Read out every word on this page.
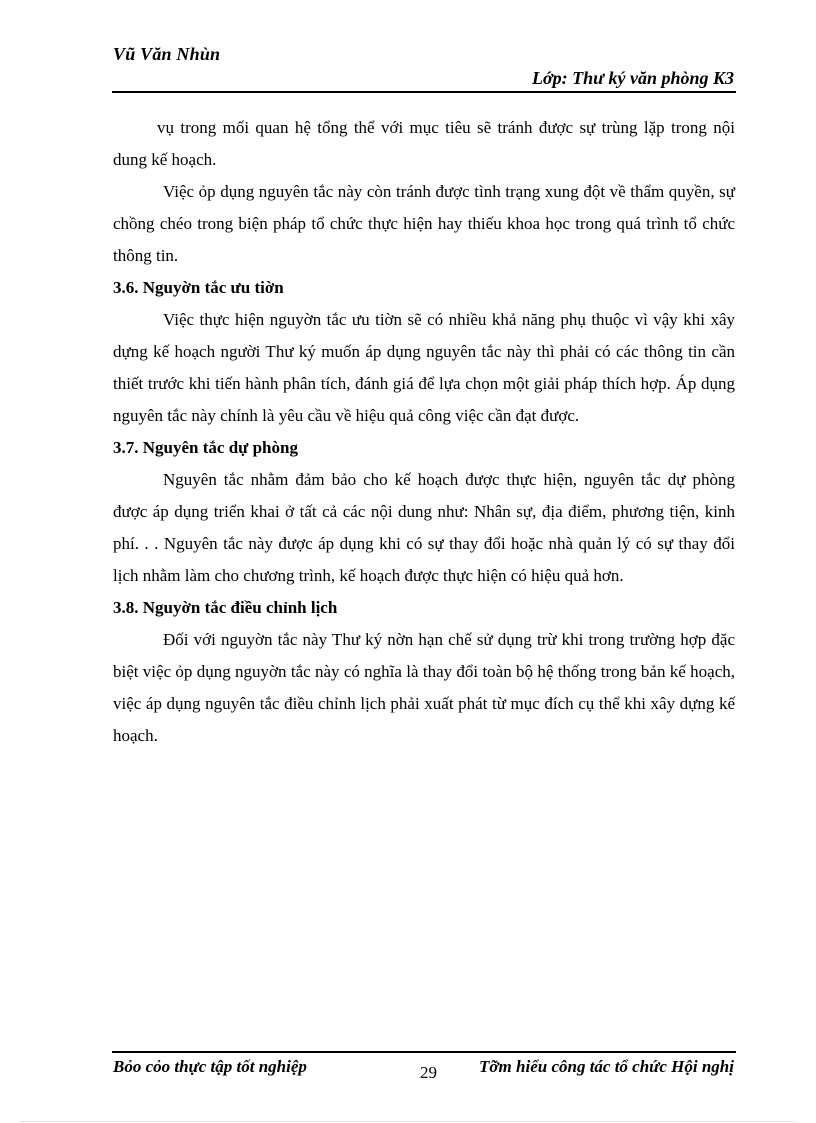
Vũ Văn Nhùn
Lớp: Thư ký văn phòng K3

vụ trong mối quan hệ tổng thể với mục tiêu sẽ tránh được sự trùng lặp trong nội dung kế hoạch.

Việc ỏp dụng nguyên tắc này còn tránh được tình trạng xung đột về thẩm quyền, sự chồng chéo trong biện pháp tổ chức thực hiện hay thiếu khoa học trong quá trình tổ chức thông tin.

3.6. Nguyờn tắc ưu tiờn

Việc thực hiện nguyờn tắc ưu tiờn sẽ có nhiều khả năng phụ thuộc vì vậy khi xây dựng kế hoạch người Thư ký muốn áp dụng nguyên tắc này thì phải có các thông tin cần thiết trước khi tiến hành phân tích, đánh giá để lựa chọn một giải pháp thích hợp. Áp dụng nguyên tắc này chính là yêu cầu về hiệu quả công việc cần đạt được.

3.7. Nguyên tắc dự phòng

Nguyên tắc nhằm đảm bảo cho kế hoạch được thực hiện, nguyên tắc dự phòng được áp dụng triển khai ở tất cả các nội dung như: Nhân sự, địa điểm, phương tiện, kinh phí. . . Nguyên tắc này được áp dụng khi có sự thay đổi hoặc nhà quản lý có sự thay đổi lịch nhằm làm cho chương trình, kế hoạch được thực hiện có hiệu quả hơn.

3.8. Nguyờn tắc điều chỉnh lịch

Đối với nguyờn tắc này Thư ký nờn hạn chế sử dụng trừ khi trong trường hợp đặc biệt việc ỏp dụng nguyờn tắc này có nghĩa là thay đổi toàn bộ hệ thống trong bản kế hoạch, việc áp dụng nguyên tắc điều chỉnh lịch phải xuất phát từ mục đích cụ thể khi xây dựng kế hoạch.

Bỏo cỏo thực tập tốt nghiệp	29 Tỡm hiểu công tác tổ chức Hội nghị
